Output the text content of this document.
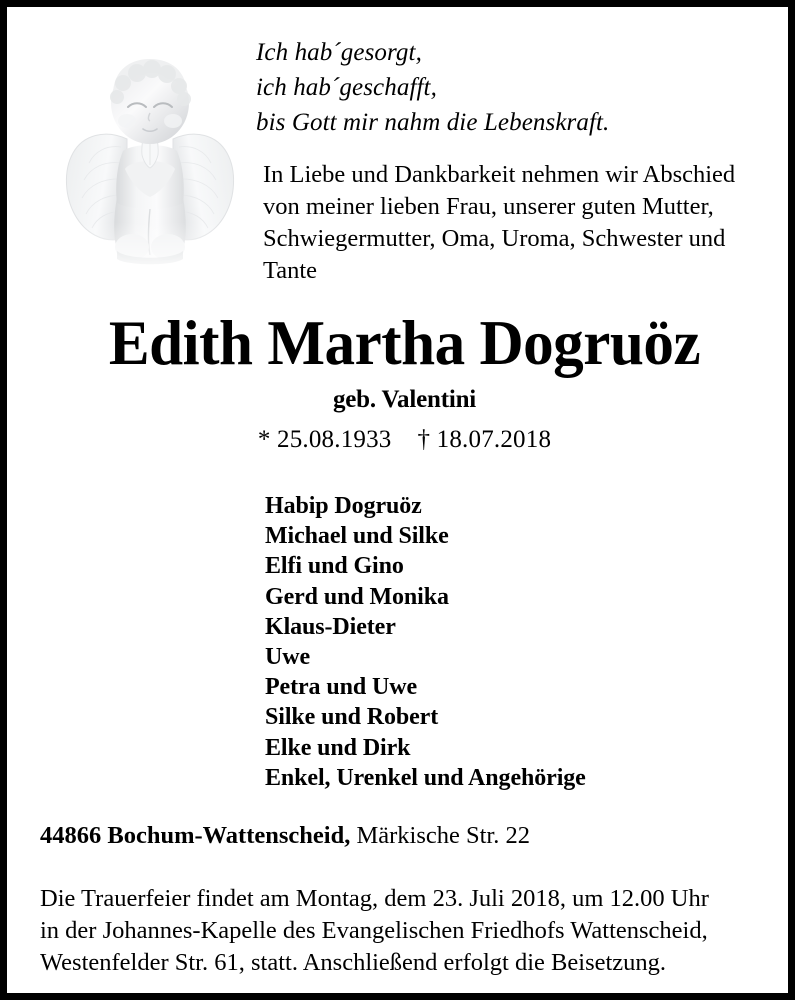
Ich hab´gesorgt,
ich hab´geschafft,
bis Gott mir nahm die Lebenskraft.
In Liebe und Dankbarkeit nehmen wir Abschied
von meiner lieben Frau, unserer guten Mutter,
Schwiegermutter, Oma, Uroma, Schwester und
Tante
Edith Martha Dogruöz
geb. Valentini
* 25.08.1933 † 18.07.2018
Habip Dogruöz
Michael und Silke
Elfi und Gino
Gerd und Monika
Klaus-Dieter
Uwe
Petra und Uwe
Silke und Robert
Elke und Dirk
Enkel, Urenkel und Angehörige
44866 Bochum-Wattenscheid, Märkische Str. 22
Die Trauerfeier findet am Montag, dem 23. Juli 2018, um 12.00 Uhr
in der Johannes-Kapelle des Evangelischen Friedhofs Wattenscheid,
Westenfelder Str. 61, statt. Anschließend erfolgt die Beisetzung.
